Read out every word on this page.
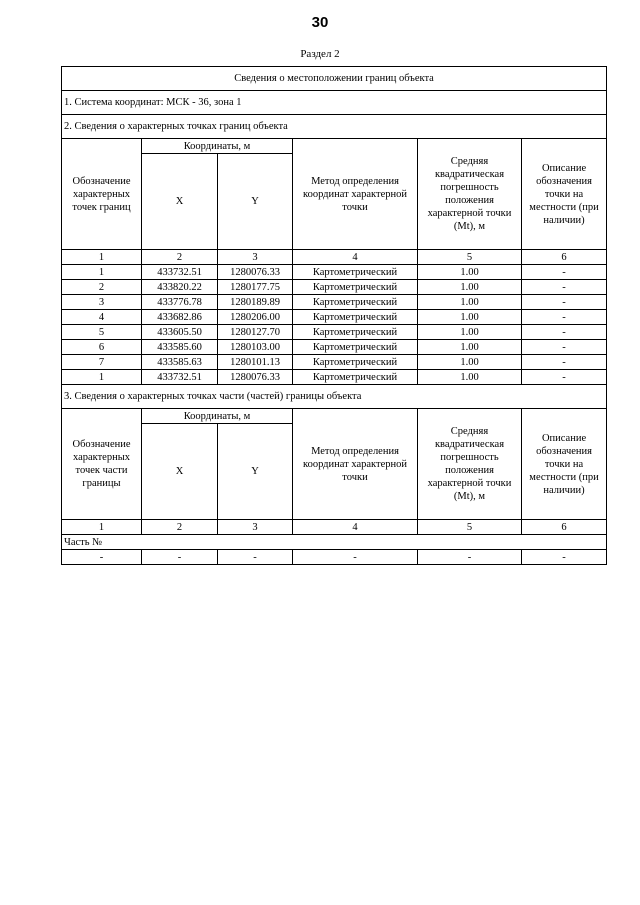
30
Раздел 2
Сведения о местоположении границ объекта					
1. Система координат: МСК - 36, зона 1					
2. Сведения о характерных точках границ объекта					
Обозначение характерных точек границ	Координаты, м		Метод определения координат характерной точки	Средняя квадратическая погрешность положения характерной точки (Mt), м	Описание обозначения точки на местности (при наличии)
	X	Y			
1	2	3	4	5	6
1	433732.51	1280076.33	Картометрический	1.00	-
2	433820.22	1280177.75	Картометрический	1.00	-
3	433776.78	1280189.89	Картометрический	1.00	-
4	433682.86	1280206.00	Картометрический	1.00	-
5	433605.50	1280127.70	Картометрический	1.00	-
6	433585.60	1280103.00	Картометрический	1.00	-
7	433585.63	1280101.13	Картометрический	1.00	-
1	433732.51	1280076.33	Картометрический	1.00	-
3. Сведения о характерных точках части (частей) границы объекта					
Обозначение характерных точек части границы	Координаты, м		Метод определения координат характерной точки	Средняя квадратическая погрешность положения характерной точки (Mt), м	Описание обозначения точки на местности (при наличии)
	X	Y			
1	2	3	4	5	6
Часть №					
-	-	-	-	-	-
